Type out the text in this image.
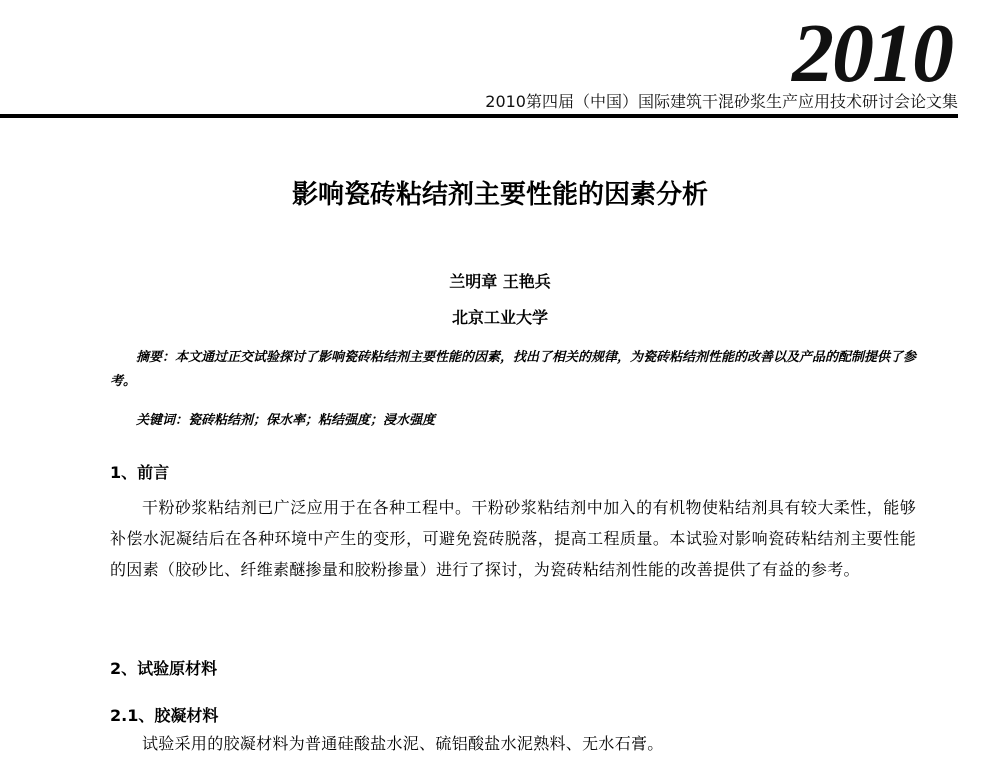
2010
2010第四届（中国）国际建筑干混砂浆生产应用技术研讨会论文集
影响瓷砖粘结剂主要性能的因素分析
兰明章 王艳兵
北京工业大学
摘要：本文通过正交试验探讨了影响瓷砖粘结剂主要性能的因素，找出了相关的规律，为瓷砖粘结剂性能的改善以及产品的配制提供了参考。
关键词：瓷砖粘结剂；保水率；粘结强度；浸水强度
1、前言
干粉砂浆粘结剂已广泛应用于在各种工程中。干粉砂浆粘结剂中加入的有机物使粘结剂具有较大柔性，能够补偿水泥凝结后在各种环境中产生的变形，可避免瓷砖脱落，提高工程质量。本试验对影响瓷砖粘结剂主要性能的因素（胶砂比、纤维素醚掺量和胶粉掺量）进行了探讨，为瓷砖粘结剂性能的改善提供了有益的参考。
2、试验原材料
2.1、胶凝材料
试验采用的胶凝材料为普通硅酸盐水泥、硫铝酸盐水泥熟料、无水石膏。
